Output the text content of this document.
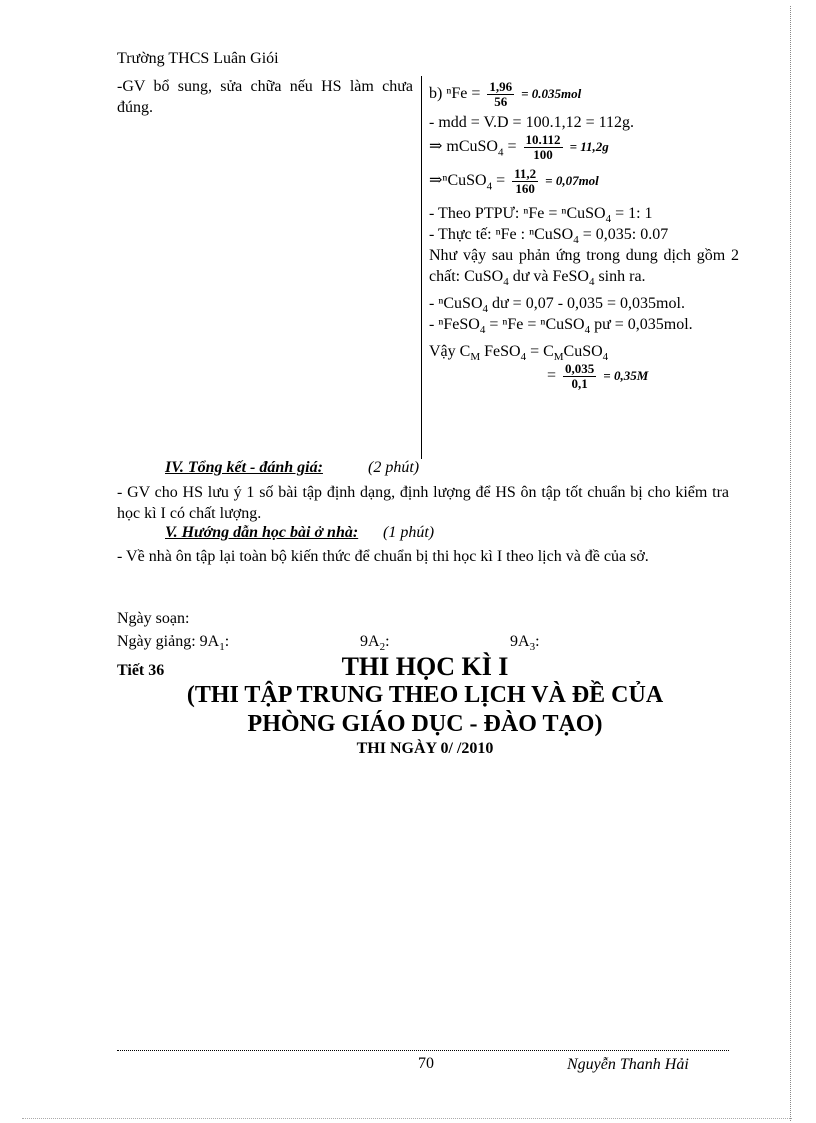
Trường THCS Luân Giói
-GV bổ sung, sửa chữa nếu HS làm chưa đúng.
b) $^nFe = \frac{1,96}{56} = 0.035mol$
- mdd = V.D = 100.1,12 = 112g.
⇒ mCuSO$_4$ = $\frac{10.112}{100} = 11,2g$
⇒ⁿCuSO$_4$ = $\frac{11,2}{160} = 0,07mol$
- Theo PTPƯ: ⁿFe = ⁿCuSO$_4$ = 1: 1
- Thực tế: ⁿFe : ⁿCuSO$_4$ = 0,035: 0.07
Như vậy sau phản ứng trong dung dịch gồm 2 chất: CuSO$_4$ dư và FeSO$_4$ sinh ra.
- ⁿCuSO$_4$ dư = 0,07 - 0,035 = 0,035mol.
- ⁿFeSO$_4$ = ⁿFe = ⁿCuSO$_4$ pư = 0,035mol.
Vậy $C_M$ FeSO$_4$ = $C_MCuSO_4$
= $\frac{0,035}{0,1} = 0,35M$
IV. Tổng kết - đánh giá:	(2 phút)
- GV cho HS lưu ý 1 số bài tập định dạng, định lượng để HS ôn tập tốt chuẩn bị cho kiểm tra học kì I có chất lượng.
V. Hướng dẫn học bài ở nhà: (1 phút)
- Về nhà ôn tập lại toàn bộ kiến thức để chuẩn bị thi học kì I theo lịch và đề của sở.
Ngày soạn:
Ngày giảng: $9A_1$:	$9A_2$:	$9A_3$:
Tiết 36	THI HỌC KÌ I
(THI TẬP TRUNG THEO LỊCH VÀ ĐỀ CỦA
PHÒNG GIÁO DỤC - ĐÀO TẠO)
THI NGÀY 0/ /2010
70	Nguyễn Thanh Hải
